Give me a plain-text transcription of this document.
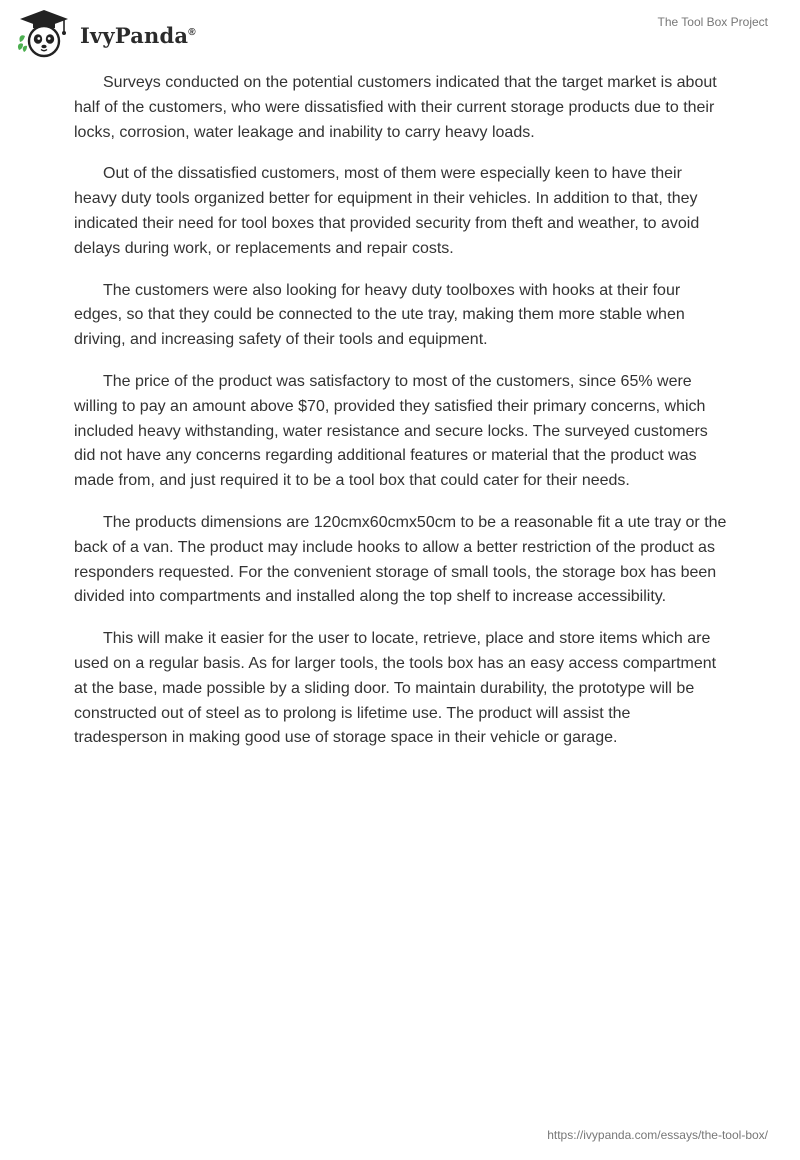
IvyPanda®
The Tool Box Project

Surveys conducted on the potential customers indicated that the target market is about half of the customers, who were dissatisfied with their current storage products due to their locks, corrosion, water leakage and inability to carry heavy loads.

Out of the dissatisfied customers, most of them were especially keen to have their heavy duty tools organized better for equipment in their vehicles. In addition to that, they indicated their need for tool boxes that provided security from theft and weather, to avoid delays during work, or replacements and repair costs.

The customers were also looking for heavy duty toolboxes with hooks at their four edges, so that they could be connected to the ute tray, making them more stable when driving, and increasing safety of their tools and equipment.

The price of the product was satisfactory to most of the customers, since 65% were willing to pay an amount above $70, provided they satisfied their primary concerns, which included heavy withstanding, water resistance and secure locks. The surveyed customers did not have any concerns regarding additional features or material that the product was made from, and just required it to be a tool box that could cater for their needs.

The products dimensions are 120cmx60cmx50cm to be a reasonable fit a ute tray or the back of a van. The product may include hooks to allow a better restriction of the product as responders requested. For the convenient storage of small tools, the storage box has been divided into compartments and installed along the top shelf to increase accessibility.

This will make it easier for the user to locate, retrieve, place and store items which are used on a regular basis. As for larger tools, the tools box has an easy access compartment at the base, made possible by a sliding door. To maintain durability, the prototype will be constructed out of steel as to prolong is lifetime use. The product will assist the tradesperson in making good use of storage space in their vehicle or garage.

https://ivypanda.com/essays/the-tool-box/
